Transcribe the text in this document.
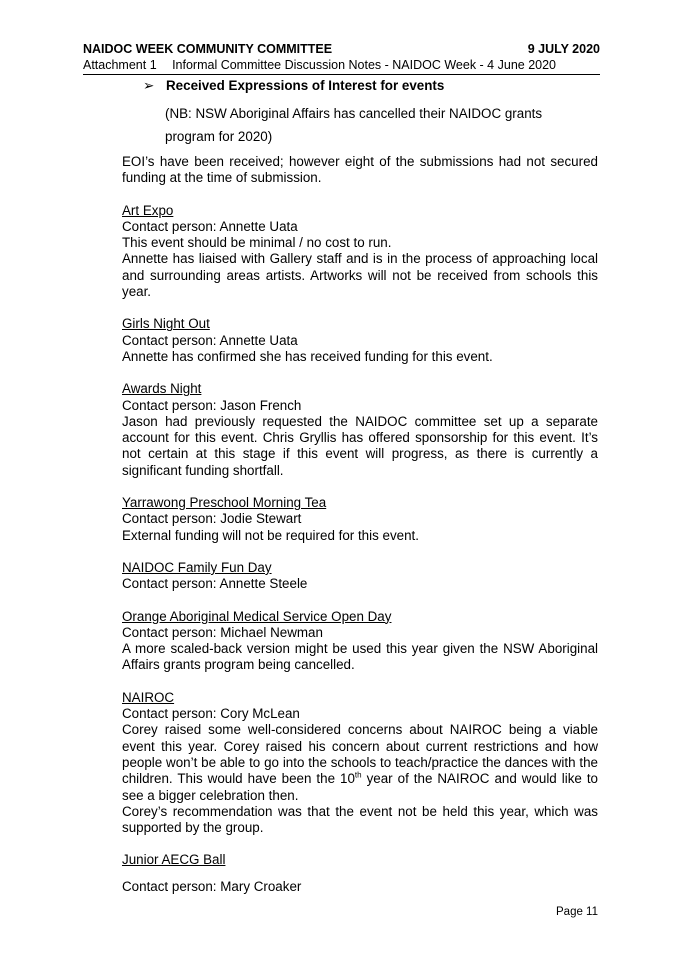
NAIDOC WEEK COMMUNITY COMMITTEE	9 JULY 2020
Attachment 1 Informal Committee Discussion Notes - NAIDOC Week - 4 June 2020
➢ Received Expressions of Interest for events

(NB: NSW Aboriginal Affairs has cancelled their NAIDOC grants

program for 2020)

EOI’s have been received; however eight of the submissions had not secured funding at the time of submission.

Art Expo

Contact person: Annette Uata

This event should be minimal / no cost to run.

Annette has liaised with Gallery staff and is in the process of approaching local and surrounding areas artists. Artworks will not be received from schools this year.

Girls Night Out

Contact person: Annette Uata

Annette has confirmed she has received funding for this event.

Awards Night

Contact person: Jason French

Jason had previously requested the NAIDOC committee set up a separate account for this event. Chris Gryllis has offered sponsorship for this event. It’s not certain at this stage if this event will progress, as there is currently a significant funding shortfall.

Yarrawong Preschool Morning Tea

Contact person: Jodie Stewart

External funding will not be required for this event.

NAIDOC Family Fun Day

Contact person: Annette Steele

Orange Aboriginal Medical Service Open Day

Contact person: Michael Newman

A more scaled-back version might be used this year given the NSW Aboriginal Affairs grants program being cancelled.

NAIROC

Contact person: Cory McLean

Corey raised some well-considered concerns about NAIROC being a viable event this year. Corey raised his concern about current restrictions and how people won’t be able to go into the schools to teach/practice the dances with the children. This would have been the 10th year of the NAIROC and would like to see a bigger celebration then.

Corey’s recommendation was that the event not be held this year, which was supported by the group.

Junior AECG Ball

Contact person: Mary Croaker

Page 11
